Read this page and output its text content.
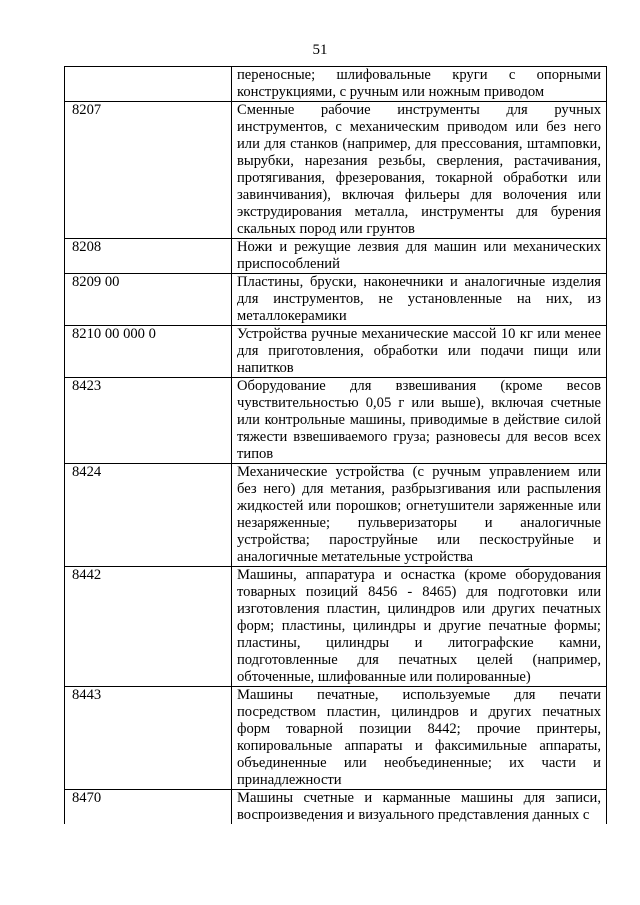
51
	переносные; шлифовальные круги с опорными конструкциями, с ручным или ножным приводом
8207	Сменные рабочие инструменты для ручных инструментов, с механическим приводом или без него или для станков (например, для прессования, штамповки, вырубки, нарезания резьбы, сверления, растачивания, протягивания, фрезерования, токарной обработки или завинчивания), включая фильеры для волочения или экструдирования металла, инструменты для бурения скальных пород или грунтов
8208	Ножи и режущие лезвия для машин или механических приспособлений
8209 00	Пластины, бруски, наконечники и аналогичные изделия для инструментов, не установленные на них, из металлокерамики
8210 00 000 0	Устройства ручные механические массой 10 кг или менее для приготовления, обработки или подачи пищи или напитков
8423	Оборудование для взвешивания (кроме весов чувствительностью 0,05 г или выше), включая счетные или контрольные машины, приводимые в действие силой тяжести взвешиваемого груза; разновесы для весов всех типов
8424	Механические устройства (с ручным управлением или без него) для метания, разбрызгивания или распыления жидкостей или порошков; огнетушители заряженные или незаряженные; пульверизаторы и аналогичные устройства; пароструйные или пескоструйные и аналогичные метательные устройства
8442	Машины, аппаратура и оснастка (кроме оборудования товарных позиций 8456 - 8465) для подготовки или изготовления пластин, цилиндров или других печатных форм; пластины, цилиндры и другие печатные формы; пластины, цилиндры и литографские камни, подготовленные для печатных целей (например, обточенные, шлифованные или полированные)
8443	Машины печатные, используемые для печати посредством пластин, цилиндров и других печатных форм товарной позиции 8442; прочие принтеры, копировальные аппараты и факсимильные аппараты, объединенные или необъединенные; их части и принадлежности
8470	Машины счетные и карманные машины для записи, воспроизведения и визуального представления данных с
